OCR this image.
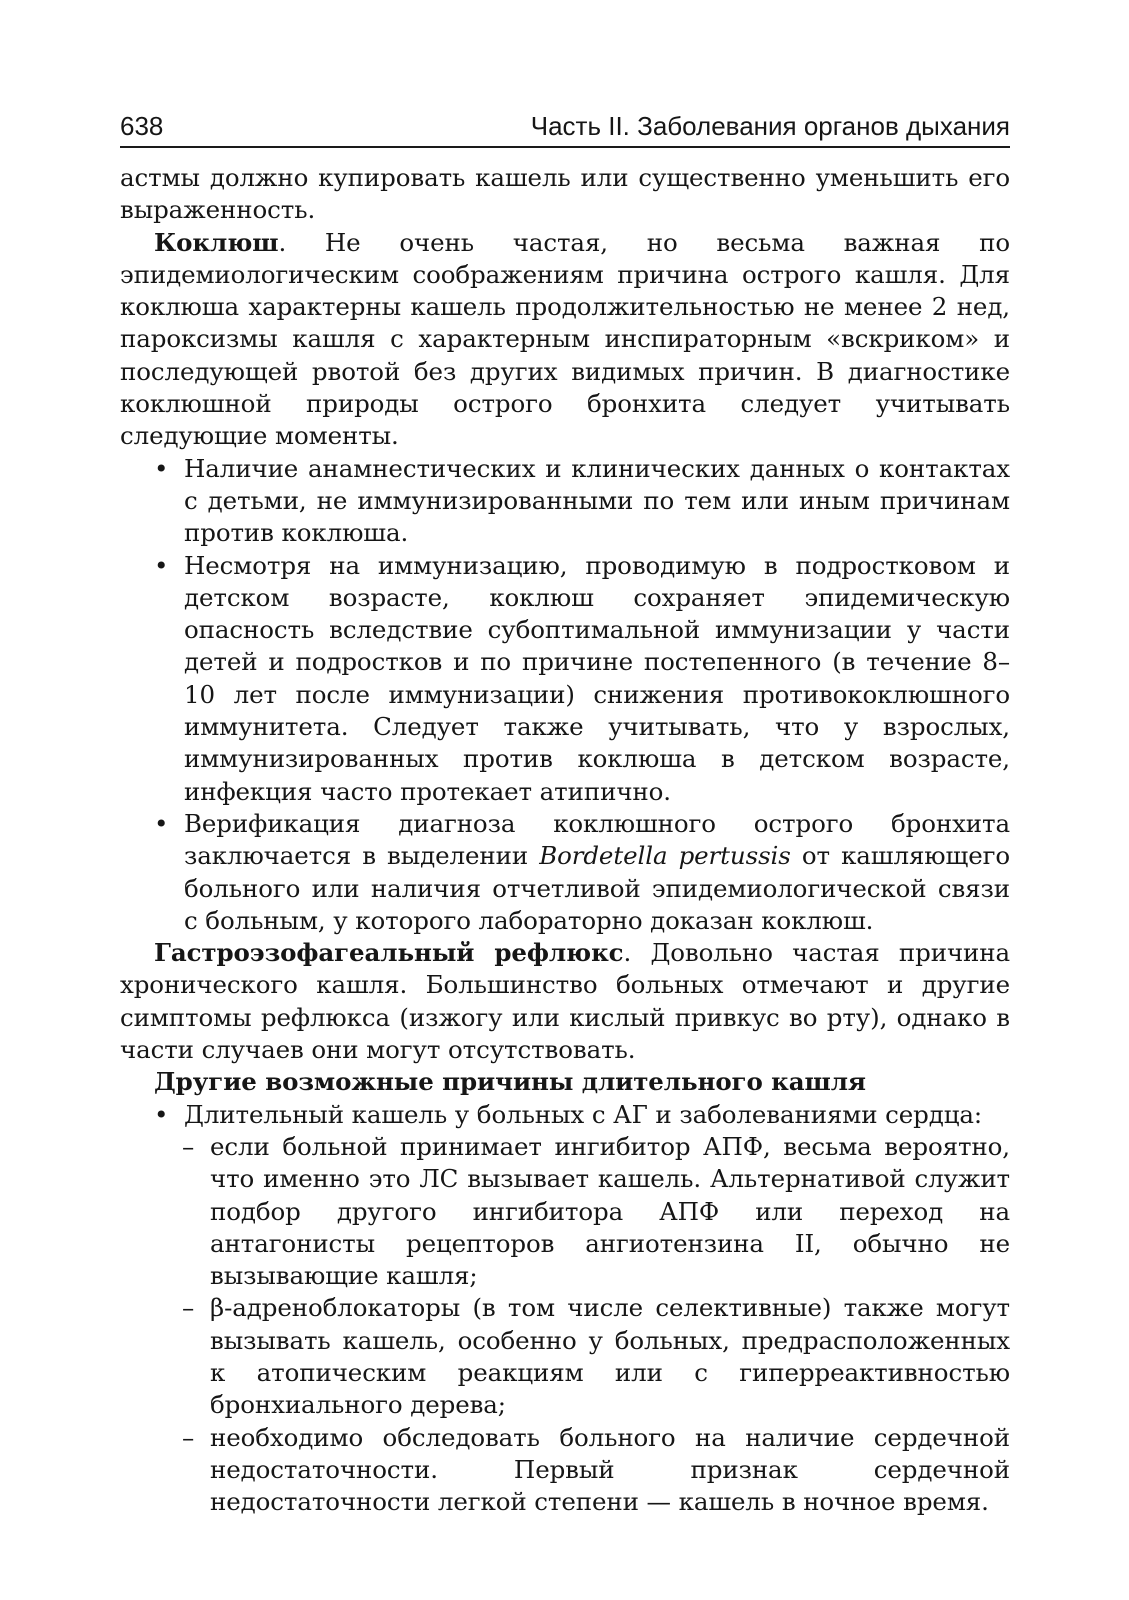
638	Часть II. Заболевания органов дыхания

астмы должно купировать кашель или существенно уменьшить его выраженность.

Коклюш. Не очень частая, но весьма важная по эпидемиологическим соображениям причина острого кашля. Для коклюша характерны кашель продолжительностью не менее 2 нед, пароксизмы кашля с характерным инспираторным «вскриком» и последующей рвотой без других видимых причин. В диагностике коклюшной природы острого бронхита следует учитывать следующие моменты.

• Наличие анамнестических и клинических данных о контактах с детьми, не иммунизированными по тем или иным причинам против коклюша.
• Несмотря на иммунизацию, проводимую в подростковом и детском возрасте, коклюш сохраняет эпидемическую опасность вследствие субоптимальной иммунизации у части детей и подростков и по причине постепенного (в течение 8–10 лет после иммунизации) снижения противококлюшного иммунитета. Следует также учитывать, что у взрослых, иммунизированных против коклюша в детском возрасте, инфекция часто протекает атипично.
• Верификация диагноза коклюшного острого бронхита заключается в выделении Bordetella pertussis от кашляющего больного или наличия отчетливой эпидемиологической связи с больным, у которого лабораторно доказан коклюш.

Гастроэзофагеальный рефлюкс. Довольно частая причина хронического кашля. Большинство больных отмечают и другие симптомы рефлюкса (изжогу или кислый привкус во рту), однако в части случаев они могут отсутствовать.

Другие возможные причины длительного кашля

• Длительный кашель у больных с АГ и заболеваниями сердца:
– если больной принимает ингибитор АПФ, весьма вероятно, что именно это ЛС вызывает кашель. Альтернативой служит подбор другого ингибитора АПФ или переход на антагонисты рецепторов ангиотензина II, обычно не вызывающие кашля;
– β-адреноблокаторы (в том числе селективные) также могут вызывать кашель, особенно у больных, предрасположенных к атопическим реакциям или с гиперреактивностью бронхиального дерева;
– необходимо обследовать больного на наличие сердечной недостаточности. Первый признак сердечной недостаточности легкой степени — кашель в ночное время.
